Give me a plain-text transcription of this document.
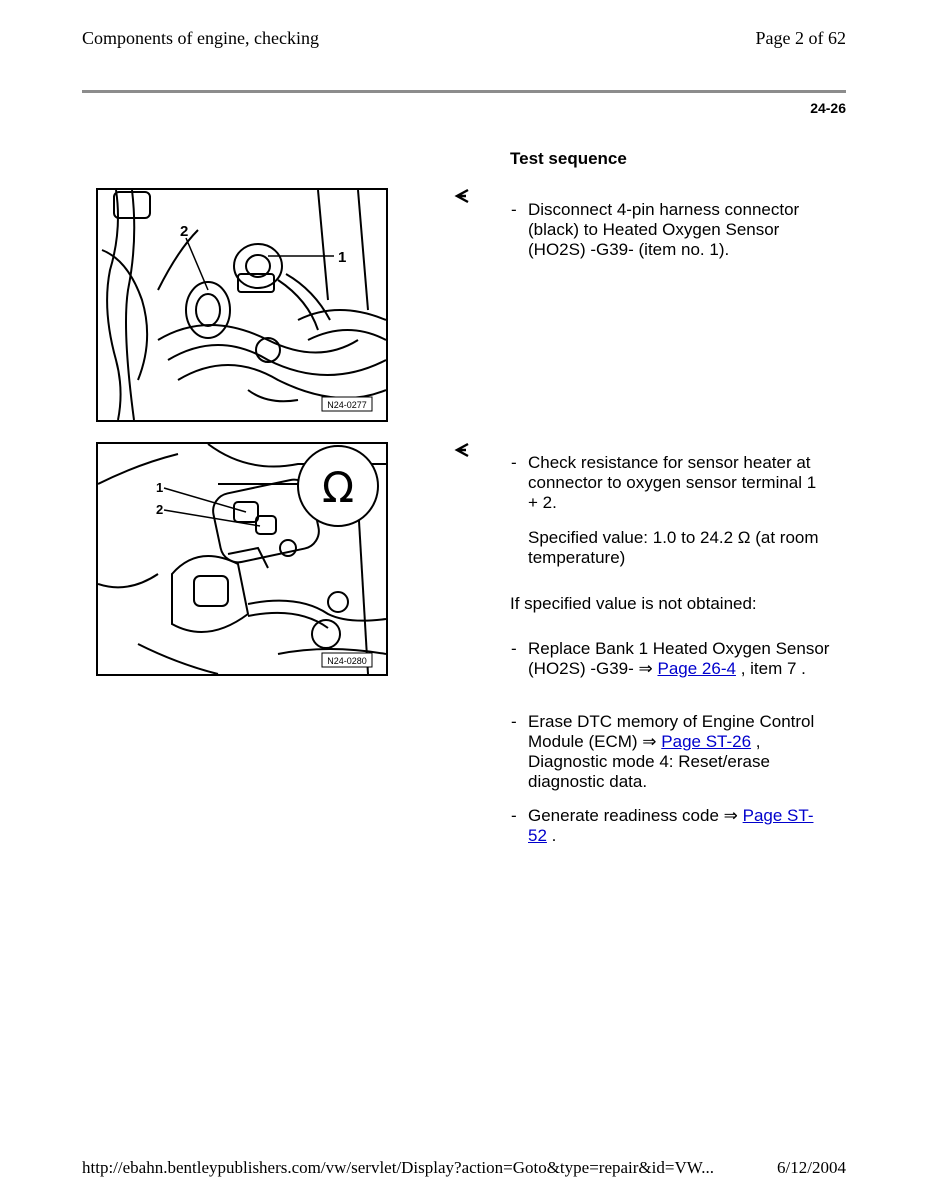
Components of engine, checking	Page 2 of 62
24-26
Test sequence
2
1
N24-0277
Ω
1
2
N24-0280
- Disconnect 4-pin harness connector (black) to Heated Oxygen Sensor (HO2S) -G39- (item no. 1).
- Check resistance for sensor heater at connector to oxygen sensor terminal 1 + 2.
Specified value: 1.0 to 24.2 Ω (at room temperature)
If specified value is not obtained:
- Replace Bank 1 Heated Oxygen Sensor (HO2S) -G39- ⇒ Page 26-4 , item 7 .
- Erase DTC memory of Engine Control Module (ECM) ⇒ Page ST-26 , Diagnostic mode 4: Reset/erase diagnostic data.
- Generate readiness code ⇒ Page ST-52 .
http://ebahn.bentleypublishers.com/vw/servlet/Display?action=Goto&type=repair&id=VW...	6/12/2004
